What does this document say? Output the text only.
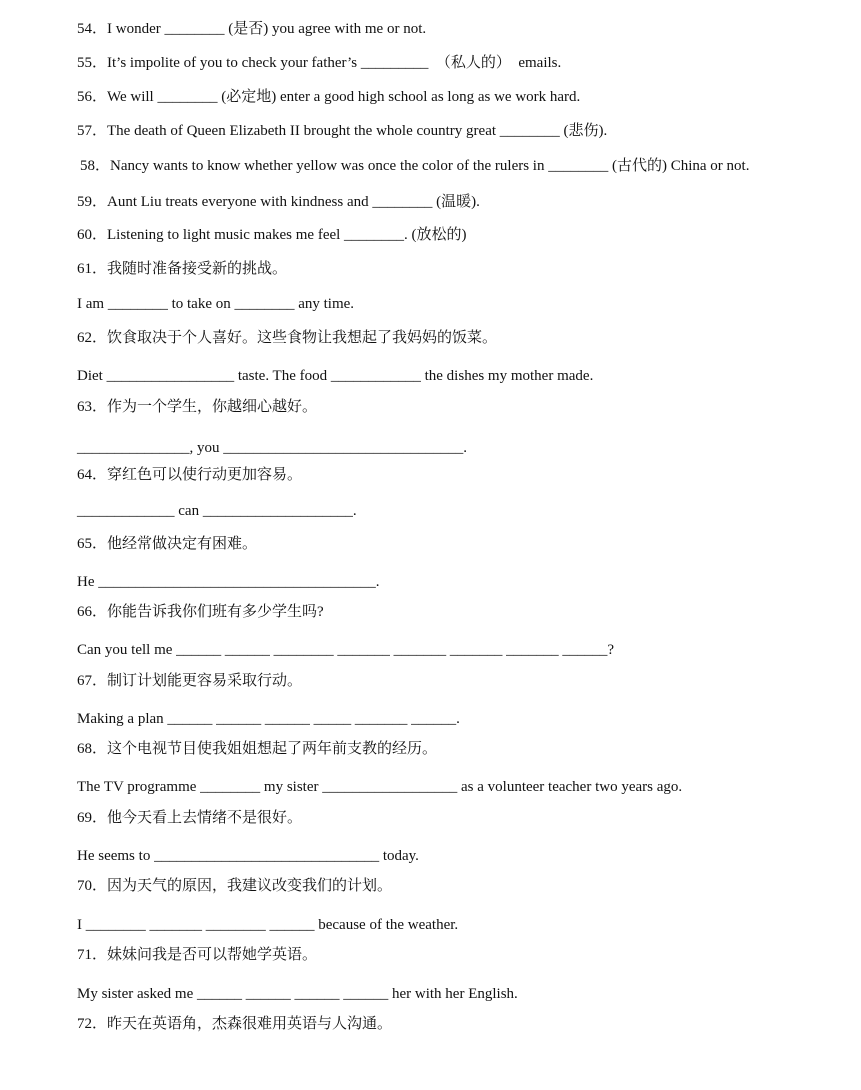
54．I wonder ________ (是否) you agree with me or not.
55．It’s impolite of you to check your father’s _________  （私人的）  emails.
56．We will ________ (必定地) enter a good high school as long as we work hard.
57．The death of Queen Elizabeth II brought the whole country great ________ (悲伤).
58．Nancy wants to know whether yellow was once the color of the rulers in ________ (古代的) China or not.
59．Aunt Liu treats everyone with kindness and ________ (温暖).
60．Listening to light music makes me feel ________. (放松的)
61．我随时准备接受新的挑战。
I am ________ to take on ________ any time.
62．饮食取决于个人喜好。这些食物让我想起了我妈妈的饭菜。
Diet _________________ taste. The food ____________ the dishes my mother made.
63．作为一个学生，你越细心越好。
_______________, you ________________________________.
64．穿红色可以使行动更加容易。
_____________ can ____________________.
65．他经常做决定有困难。
He _____________________________________.
66．你能告诉我你们班有多少学生吗?
Can you tell me ______ ______ ________ _______ _______ _______ _______ ______?
67．制订计划能更容易采取行动。
Making a plan ______ ______ ______ _____ _______ ______.
68．这个电视节目使我姐姐想起了两年前支教的经历。
The TV programme ________ my sister __________________ as a volunteer teacher two years ago.
69．他今天看上去情绪不是很好。
He seems to ______________________________ today.
70．因为天气的原因，我建议改变我们的计划。
I ________ _______ ________ ______ because of the weather.
71．妹妹问我是否可以帮她学英语。
My sister asked me ______ ______ ______ ______ her with her English.
72．昨天在英语角，杰森很难用英语与人沟通。
